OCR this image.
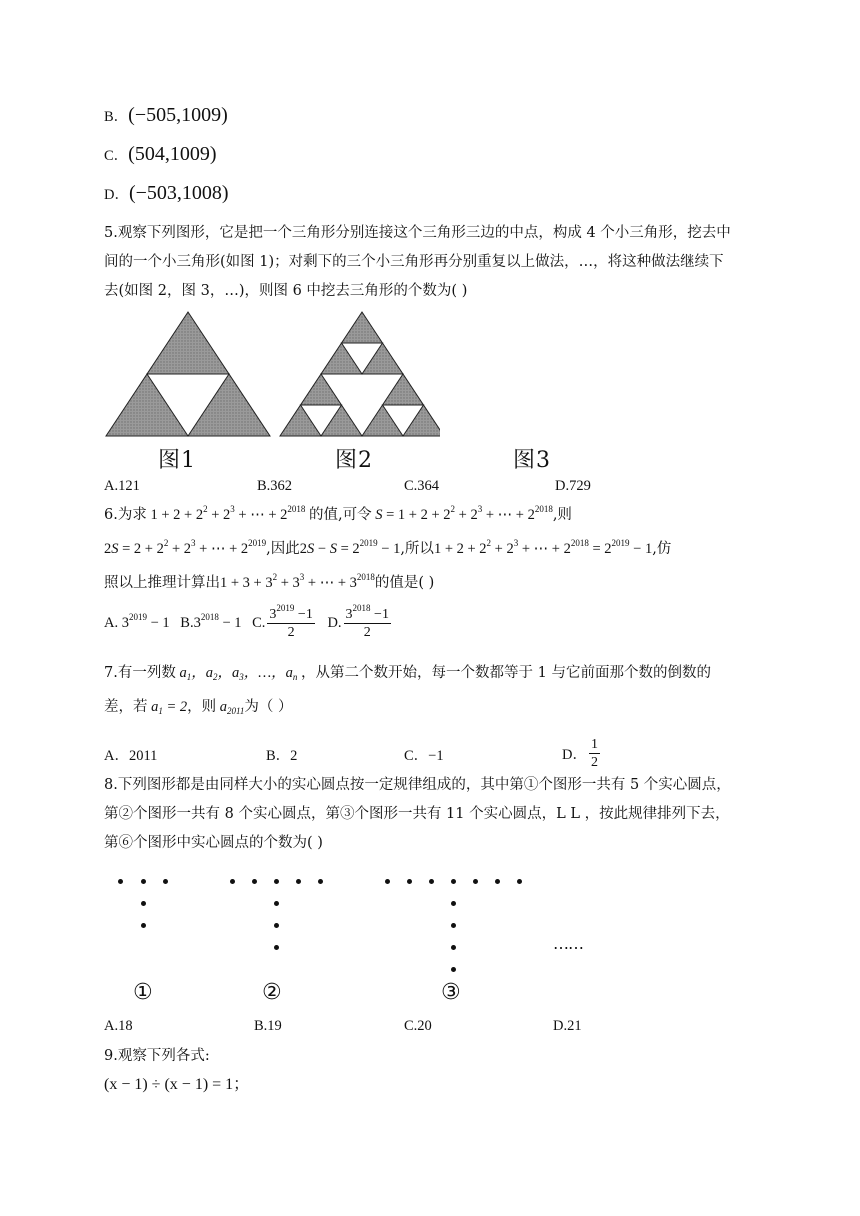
B．(−505,1009)
C．(504,1009)
D．(−503,1008)
5.观察下列图形，它是把一个三角形分别连接这个三角形三边的中点，构成 4 个小三角形，挖去中
间的一个小三角形(如图 1)；对剩下的三个小三角形再分别重复以上做法，…，将这种做法继续下
去(如图 2，图 3，…)，则图 6 中挖去三角形的个数为( )
图1	图2	图3
A.121	B.362	C.364	D.729
6.为求 $1 + 2 + 2^2 + 2^3$ + ⋯ + $2^{2018}$ 的值,可令 $S = 1 + 2 + 2^2 + 2^3$ + ⋯ + $2^{2018}$,则
$2S = 2 + 2^2 + 2^3$ + ⋯ + $2^{2019}$,因此$2S - S = 2^{2019} - 1$,所以$1 + 2 + 2^2 + 2^3$ + ⋯ + $2^{2018} = 2^{2019} - 1$,仿
照以上推理计算出$1 + 3 + 3^2 + 3^3$ + ⋯ + $3^{2018}$的值是( )
A. $3^{2019} - 1$ $B.3^{2018} - 1$ C. $\frac{3^{2019} -1}{2} D$. $\frac{3^{2018} -1}{2}$
7.有一列数 $a_1$，$a_2$，$a_3$，…，$a_n$ ，从第二个数开始，每一个数都等于 1 与它前面那个数的倒数的
差，若 $a_1 = 2$，则 $a_{2011}$为（ ）
A．2011	B．2	C．−1	D． $\frac{1}{2}$
8.下列图形都是由同样大小的实心圆点按一定规律组成的，其中第①个图形一共有 5 个实心圆点，
第②个图形一共有 8 个实心圆点，第③个图形一共有 11 个实心圆点，L L ，按此规律排列下去，
第⑥个图形中实心圆点的个数为( )
……
①	②	③
A.18	B.19	C.20	D.21
9.观察下列各式:
(x − 1) ÷ (x − 1) = 1；
